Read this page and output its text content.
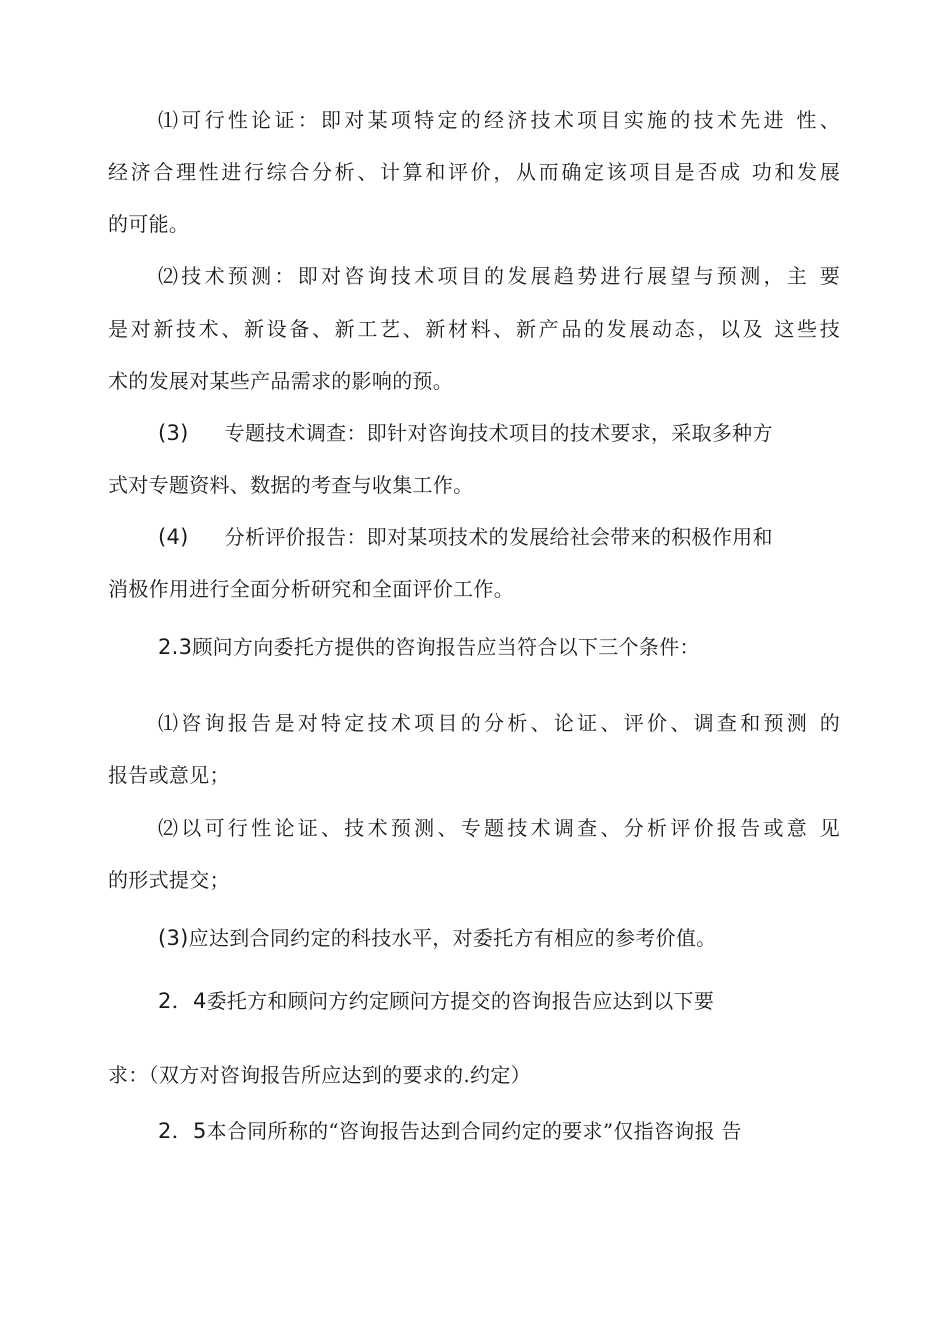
⑴可行性论证：即对某项特定的经济技术项目实施的技术先进 性、
经济合理性进行综合分析、计算和评价，从而确定该项目是否成 功和发展
的可能。
⑵技术预测：即对咨询技术项目的发展趋势进行展望与预测，主 要
是对新技术、新设备、新工艺、新材料、新产品的发展动态，以及 这些技
术的发展对某些产品需求的影响的预。
(3) 专题技术调查：即针对咨询技术项目的技术要求，采取多种方
式对专题资料、数据的考查与收集工作。
(4) 分析评价报告：即对某项技术的发展给社会带来的积极作用和
消极作用进行全面分析研究和全面评价工作。
2.3顾问方向委托方提供的咨询报告应当符合以下三个条件：
⑴咨询报告是对特定技术项目的分析、论证、评价、调查和预测 的
报告或意见；
⑵以可行性论证、技术预测、专题技术调查、分析评价报告或意 见
的形式提交；
(3)应达到合同约定的科技水平，对委托方有相应的参考价值。
2．4委托方和顾问方约定顾问方提交的咨询报告应达到以下要
求：（双方对咨询报告所应达到的要求的.约定）
2．5本合同所称的“咨询报告达到合同约定的要求”仅指咨询报 告
